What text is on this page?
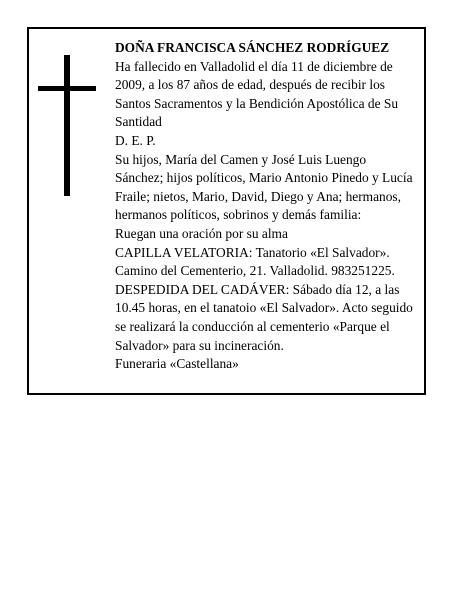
DOÑA FRANCISCA SÁNCHEZ RODRÍGUEZ

Ha fallecido en Valladolid el día 11 de diciembre de 2009, a los 87 años de edad, después de recibir los Santos Sacramentos y la Bendición Apostólica de Su Santidad

D. E. P.

Su hijos, María del Camen y José Luis Luengo Sánchez; hijos políticos, Mario Antonio Pinedo y Lucía Fraile; nietos, Mario, David, Diego y Ana; hermanos, hermanos políticos, sobrinos y demás familia:

Ruegan una oración por su alma

CAPILLA VELATORIA: Tanatorio «El Salvador». Camino del Cementerio, 21. Valladolid. 983251225.

DESPEDIDA DEL CADÁVER: Sábado día 12, a las 10.45 horas, en el tanatoio «El Salvador». Acto seguido se realizará la conducción al cementerio «Parque el Salvador» para su incineración.

Funeraria «Castellana»
